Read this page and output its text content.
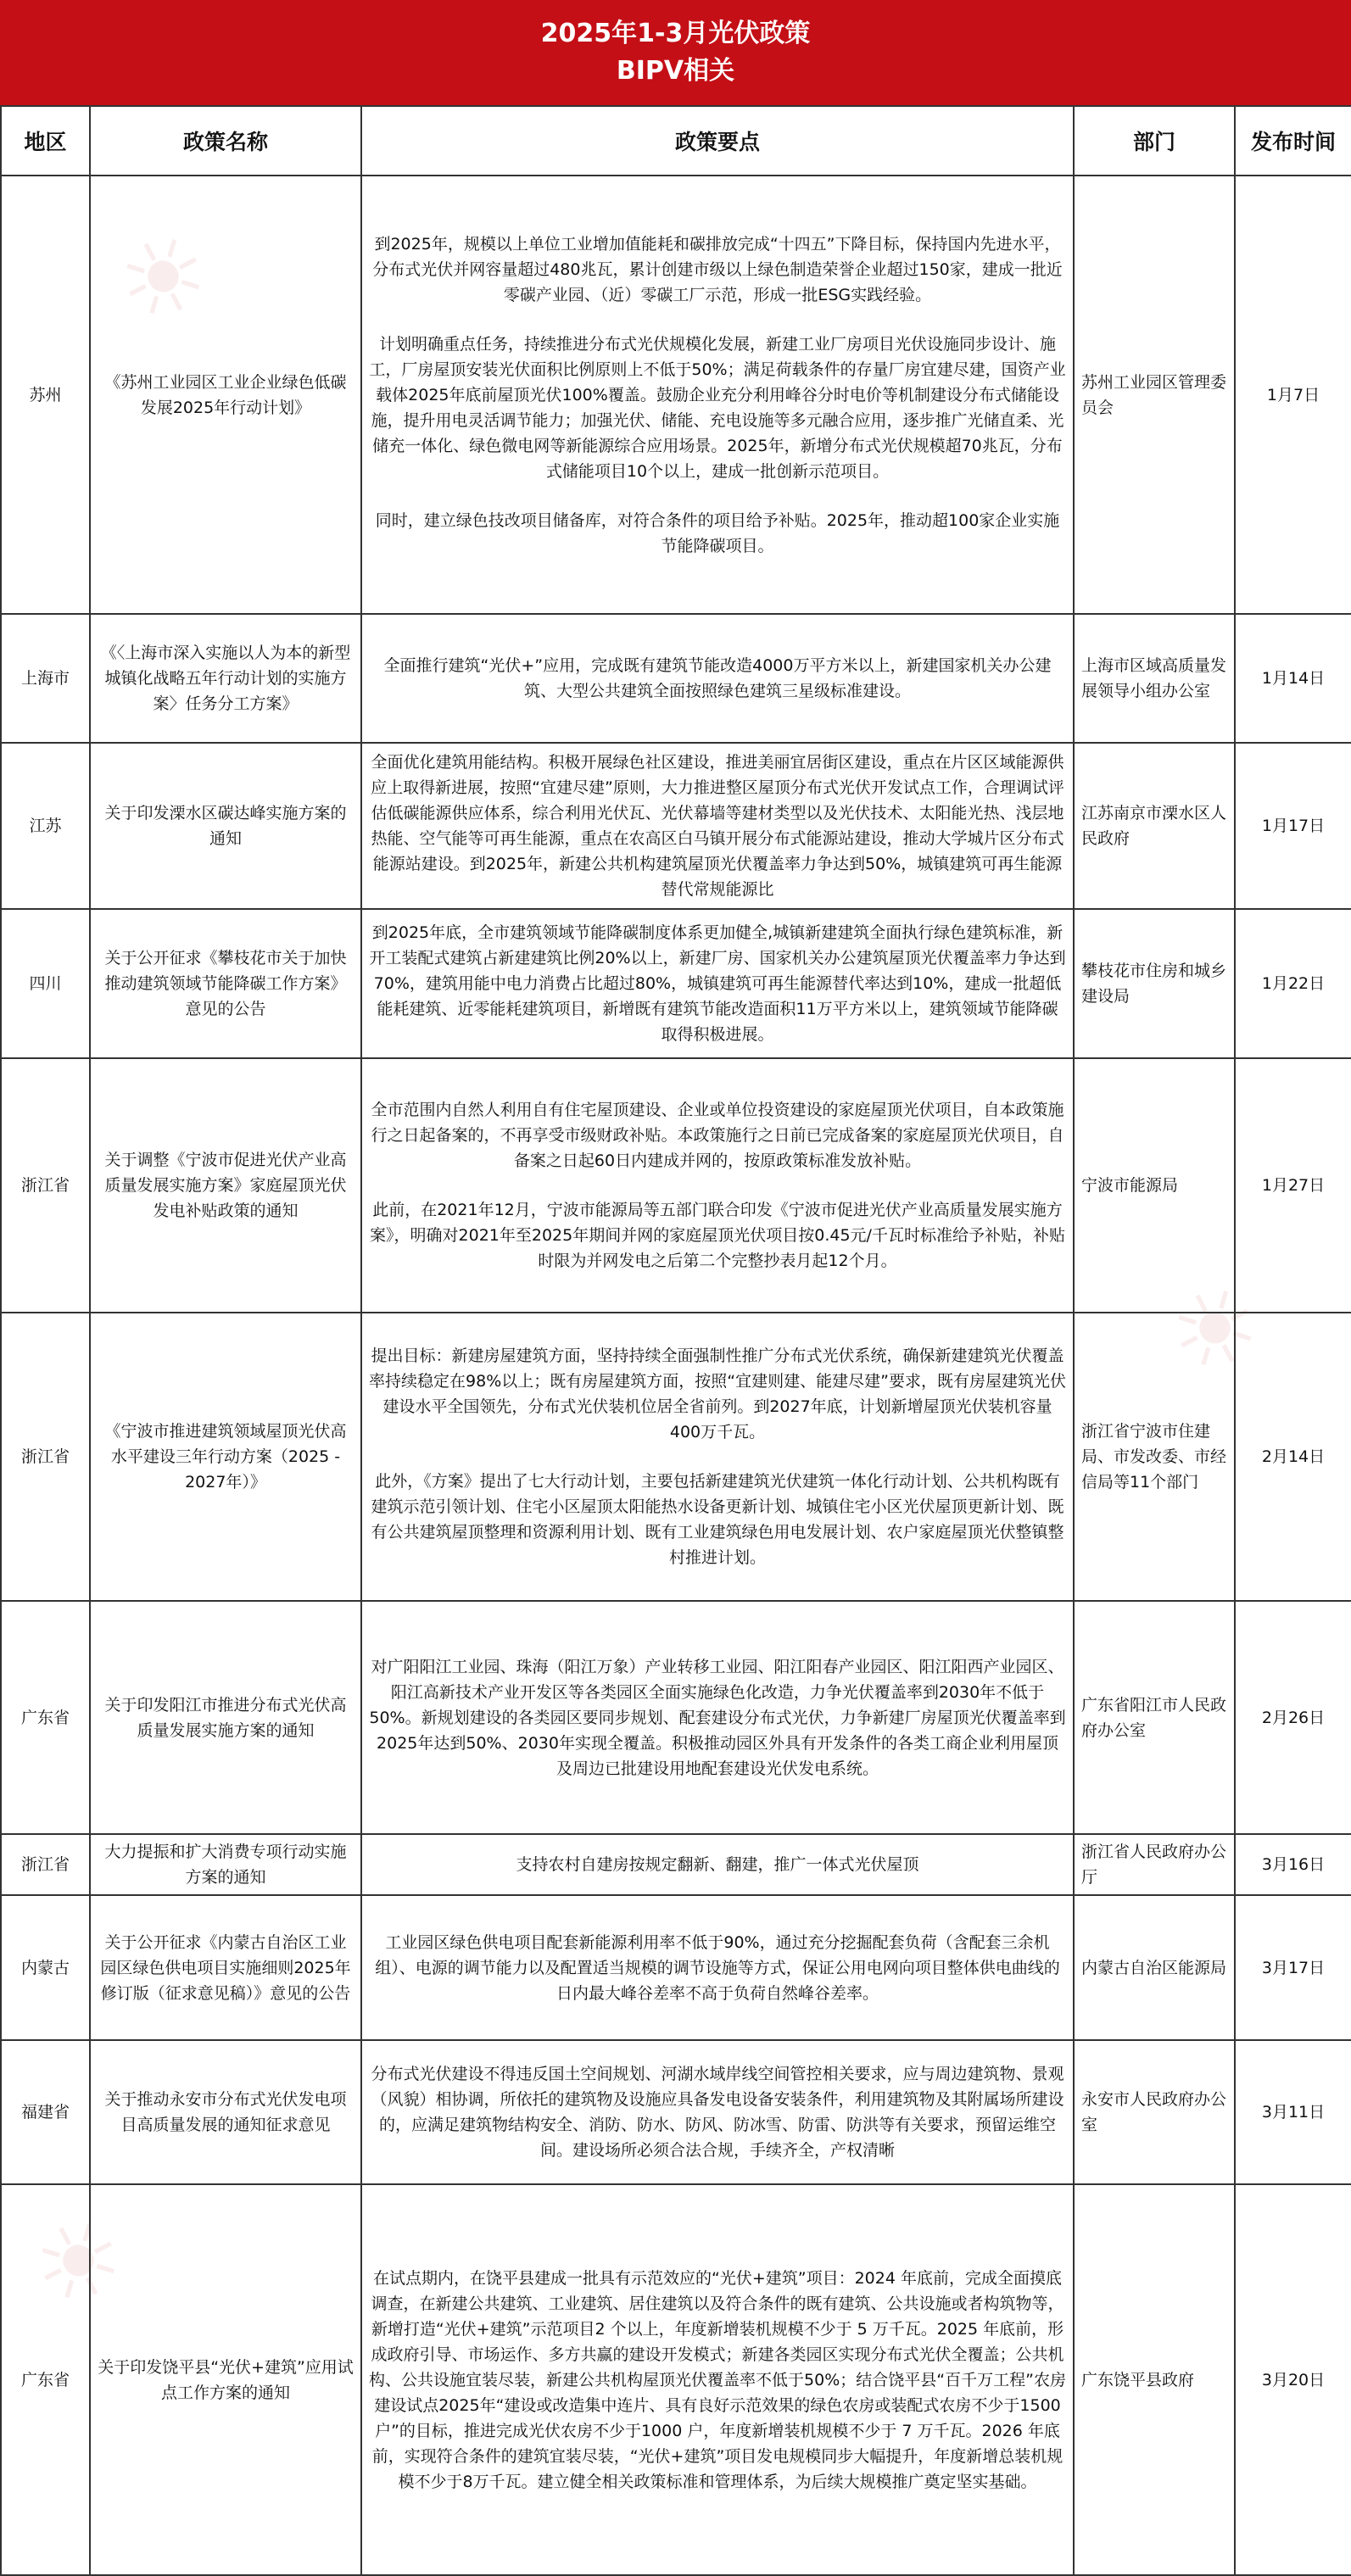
☀
☀
☀
2025年1-3月光伏政策
BIPV相关
地区	政策名称	政策要点	部门	发布时间
苏州	《苏州工业园区工业企业绿色低碳发展2025年行动计划》	到2025年，规模以上单位工业增加值能耗和碳排放完成“十四五”下降目标，保持国内先进水平，分布式光伏并网容量超过480兆瓦，累计创建市级以上绿色制造荣誉企业超过150家，建成一批近零碳产业园、（近）零碳工厂示范，形成一批ESG实践经验。
计划明确重点任务，持续推进分布式光伏规模化发展，新建工业厂房项目光伏设施同步设计、施工，厂房屋顶安装光伏面积比例原则上不低于50%；满足荷载条件的存量厂房宜建尽建，国资产业载体2025年底前屋顶光伏100%覆盖。鼓励企业充分利用峰谷分时电价等机制建设分布式储能设施，提升用电灵活调节能力；加强光伏、储能、充电设施等多元融合应用，逐步推广光储直柔、光储充一体化、绿色微电网等新能源综合应用场景。2025年，新增分布式光伏规模超70兆瓦，分布式储能项目10个以上，建成一批创新示范项目。
同时，建立绿色技改项目储备库，对符合条件的项目给予补贴。2025年，推动超100家企业实施节能降碳项目。	苏州工业园区管理委员会	1月7日
上海市	《〈上海市深入实施以人为本的新型城镇化战略五年行动计划的实施方案〉任务分工方案》	全面推行建筑“光伏+”应用，完成既有建筑节能改造4000万平方米以上，新建国家机关办公建筑、大型公共建筑全面按照绿色建筑三星级标准建设。	上海市区域高质量发展领导小组办公室	1月14日
江苏	关于印发溧水区碳达峰实施方案的通知	全面优化建筑用能结构。积极开展绿色社区建设，推进美丽宜居街区建设，重点在片区区域能源供应上取得新进展，按照“宜建尽建”原则，大力推进整区屋顶分布式光伏开发试点工作，合理调试评估低碳能源供应体系，综合利用光伏瓦、光伏幕墙等建材类型以及光伏技术、太阳能光热、浅层地热能、空气能等可再生能源，重点在农高区白马镇开展分布式能源站建设，推动大学城片区分布式能源站建设。到2025年，新建公共机构建筑屋顶光伏覆盖率力争达到50%，城镇建筑可再生能源替代常规能源比	江苏南京市溧水区人民政府	1月17日
四川	关于公开征求《攀枝花市关于加快推动建筑领域节能降碳工作方案》意见的公告	到2025年底，全市建筑领域节能降碳制度体系更加健全,城镇新建建筑全面执行绿色建筑标准，新开工装配式建筑占新建建筑比例20%以上，新建厂房、国家机关办公建筑屋顶光伏覆盖率力争达到70%，建筑用能中电力消费占比超过80%，城镇建筑可再生能源替代率达到10%，建成一批超低能耗建筑、近零能耗建筑项目，新增既有建筑节能改造面积11万平方米以上，建筑领域节能降碳取得积极进展。	攀枝花市住房和城乡建设局	1月22日
浙江省	关于调整《宁波市促进光伏产业高质量发展实施方案》家庭屋顶光伏发电补贴政策的通知	全市范围内自然人利用自有住宅屋顶建设、企业或单位投资建设的家庭屋顶光伏项目，自本政策施行之日起备案的，不再享受市级财政补贴。本政策施行之日前已完成备案的家庭屋顶光伏项目，自备案之日起60日内建成并网的，按原政策标准发放补贴。
此前，在2021年12月，宁波市能源局等五部门联合印发《宁波市促进光伏产业高质量发展实施方案》，明确对2021年至2025年期间并网的家庭屋顶光伏项目按0.45元/千瓦时标准给予补贴，补贴时限为并网发电之后第二个完整抄表月起12个月。	宁波市能源局	1月27日
浙江省	《宁波市推进建筑领域屋顶光伏高水平建设三年行动方案（2025 - 2027年）》	提出目标：新建房屋建筑方面，坚持持续全面强制性推广分布式光伏系统，确保新建建筑光伏覆盖率持续稳定在98%以上；既有房屋建筑方面，按照“宜建则建、能建尽建”要求，既有房屋建筑光伏建设水平全国领先，分布式光伏装机位居全省前列。到2027年底，计划新增屋顶光伏装机容量400万千瓦。
此外，《方案》提出了七大行动计划，主要包括新建建筑光伏建筑一体化行动计划、公共机构既有建筑示范引领计划、住宅小区屋顶太阳能热水设备更新计划、城镇住宅小区光伏屋顶更新计划、既有公共建筑屋顶整理和资源利用计划、既有工业建筑绿色用电发展计划、农户家庭屋顶光伏整镇整村推进计划。	浙江省宁波市住建局、市发改委、市经信局等11个部门	2月14日
广东省	关于印发阳江市推进分布式光伏高质量发展实施方案的通知	对广阳阳江工业园、珠海（阳江万象）产业转移工业园、阳江阳春产业园区、阳江阳西产业园区、阳江高新技术产业开发区等各类园区全面实施绿色化改造，力争光伏覆盖率到2030年不低于50%。新规划建设的各类园区要同步规划、配套建设分布式光伏，力争新建厂房屋顶光伏覆盖率到2025年达到50%、2030年实现全覆盖。积极推动园区外具有开发条件的各类工商企业利用屋顶及周边已批建设用地配套建设光伏发电系统。	广东省阳江市人民政府办公室	2月26日
浙江省	大力提振和扩大消费专项行动实施方案的通知	支持农村自建房按规定翻新、翻建，推广一体式光伏屋顶	浙江省人民政府办公厅	3月16日
内蒙古	关于公开征求《内蒙古自治区工业园区绿色供电项目实施细则2025年修订版（征求意见稿）》意见的公告	工业园区绿色供电项目配套新能源利用率不低于90%，通过充分挖掘配套负荷（含配套三余机组）、电源的调节能力以及配置适当规模的调节设施等方式，保证公用电网向项目整体供电曲线的日内最大峰谷差率不高于负荷自然峰谷差率。	内蒙古自治区能源局	3月17日
福建省	关于推动永安市分布式光伏发电项目高质量发展的通知征求意见	分布式光伏建设不得违反国土空间规划、河湖水域岸线空间管控相关要求，应与周边建筑物、景观（风貌）相协调，所依托的建筑物及设施应具备发电设备安装条件，利用建筑物及其附属场所建设的，应满足建筑物结构安全、消防、防水、防风、防冰雪、防雷、防洪等有关要求，预留运维空间。建设场所必须合法合规，手续齐全，产权清晰	永安市人民政府办公室	3月11日
广东省	关于印发饶平县“光伏+建筑”应用试点工作方案的通知	在试点期内，在饶平县建成一批具有示范效应的“光伏+建筑”项目：2024 年底前，完成全面摸底调查，在新建公共建筑、工业建筑、居住建筑以及符合条件的既有建筑、公共设施或者构筑物等，新增打造“光伏+建筑”示范项目2 个以上，年度新增装机规模不少于 5 万千瓦。2025 年底前，形成政府引导、市场运作、多方共赢的建设开发模式；新建各类园区实现分布式光伏全覆盖；公共机构、公共设施宜装尽装，新建公共机构屋顶光伏覆盖率不低于50%；结合饶平县“百千万工程”农房建设试点2025年“建设或改造集中连片、具有良好示范效果的绿色农房或装配式农房不少于1500户”的目标，推进完成光伏农房不少于1000 户，年度新增装机规模不少于 7 万千瓦。2026 年底前，实现符合条件的建筑宜装尽装，“光伏+建筑”项目发电规模同步大幅提升，年度新增总装机规模不少于8万千瓦。建立健全相关政策标准和管理体系，为后续大规模推广奠定坚实基础。	广东饶平县政府	3月20日
